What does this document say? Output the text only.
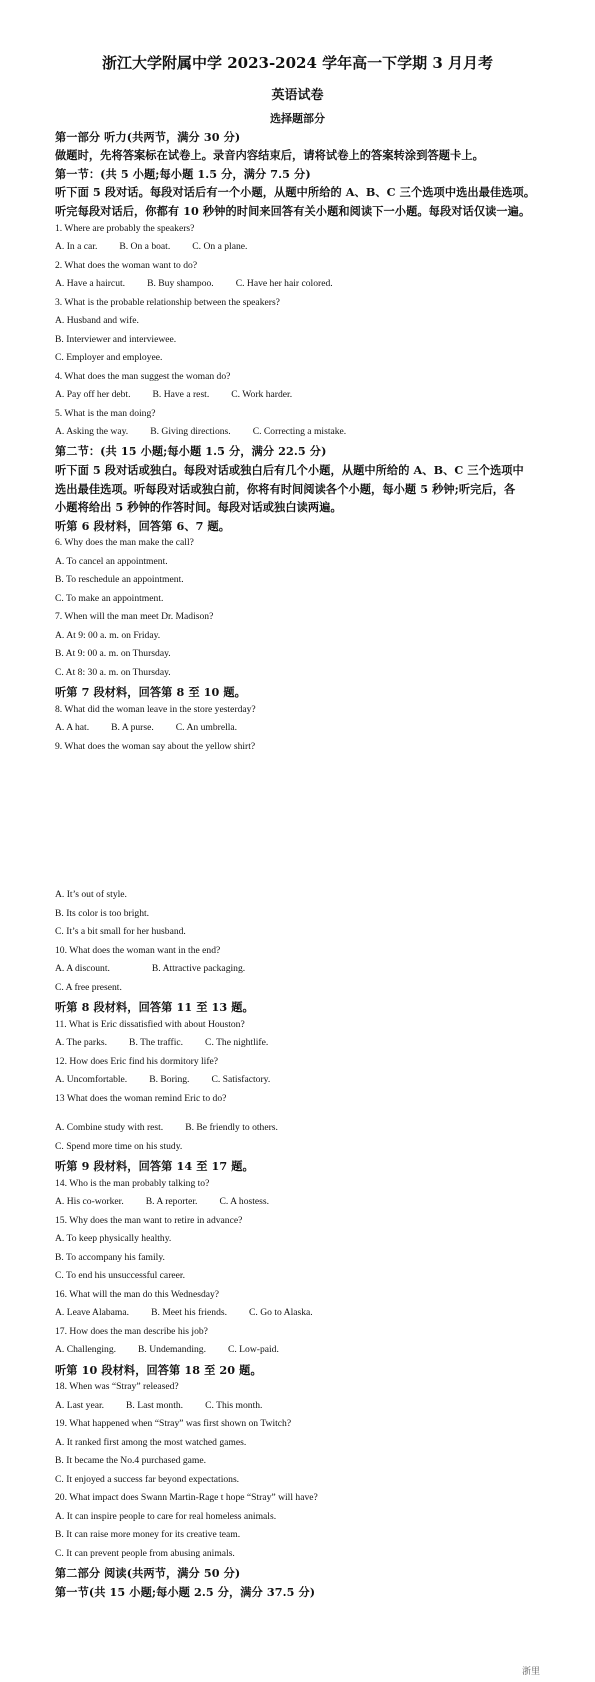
浙江大学附属中学 2023-2024 学年高一下学期 3 月月考
英语试卷
选择题部分
第一部分 听力(共两节，满分 30 分)
做题时，先将答案标在试卷上。录音内容结束后，请将试卷上的答案转涂到答题卡上。
第一节：(共 5 小题;每小题 1.5 分，满分 7.5 分)
听下面 5 段对话。每段对话后有一个小题，从题中所给的 A、B、C 三个选项中选出最佳选项。
听完每段对话后，你都有 10 秒钟的时间来回答有关小题和阅读下一小题。每段对话仅读一遍。
1. Where are probably the speakers?
A. In a car. B. On a boat. C. On a plane.
2. What does the woman want to do?
A. Have a haircut. B. Buy shampoo. C. Have her hair colored.
3. What is the probable relationship between the speakers?
A. Husband and wife.
B. Interviewer and interviewee.
C. Employer and employee.
4. What does the man suggest the woman do?
A. Pay off her debt. B. Have a rest. C. Work harder.
5. What is the man doing?
A. Asking the way. B. Giving directions. C. Correcting a mistake.
第二节：(共 15 小题;每小题 1.5 分，满分 22.5 分)
听下面 5 段对话或独白。每段对话或独白后有几个小题，从题中所给的 A、B、C 三个选项中
选出最佳选项。听每段对话或独白前，你将有时间阅读各个小题，每小题 5 秒钟;听完后，各
小题将给出 5 秒钟的作答时间。每段对话或独白读两遍。
听第 6 段材料，回答第 6、7 题。
6. Why does the man make the call?
A. To cancel an appointment.
B. To reschedule an appointment.
C. To make an appointment.
7. When will the man meet Dr. Madison?
A. At 9: 00 a. m. on Friday.
B. At 9: 00 a. m. on Thursday.
C. At 8: 30 a. m. on Thursday.
听第 7 段材料，回答第 8 至 10 题。
8. What did the woman leave in the store yesterday?
A. A hat. B. A purse. C. An umbrella.
9. What does the woman say about the yellow shirt?
A. It’s out of style.
B. Its color is too bright.
C. It’s a bit small for her husband.
10. What does the woman want in the end?
A. A discount.	B. Attractive packaging.
C. A free present.
听第 8 段材料，回答第 11 至 13 题。
11. What is Eric dissatisfied with about Houston?
A. The parks. B. The traffic. C. The nightlife.
12. How does Eric find his dormitory life?
A. Uncomfortable. B. Boring. C. Satisfactory.
13 What does the woman remind Eric to do?
A. Combine study with rest. B. Be friendly to others.
C. Spend more time on his study.
听第 9 段材料，回答第 14 至 17 题。
14. Who is the man probably talking to?
A. His co-worker. B. A reporter. C. A hostess.
15. Why does the man want to retire in advance?
A. To keep physically healthy.
B. To accompany his family.
C. To end his unsuccessful career.
16. What will the man do this Wednesday?
A. Leave Alabama. B. Meet his friends. C. Go to Alaska.
17. How does the man describe his job?
A. Challenging. B. Undemanding. C. Low-paid.
听第 10 段材料，回答第 18 至 20 题。
18. When was “Stray” released?
A. Last year. B. Last month. C. This month.
19. What happened when “Stray” was first shown on Twitch?
A. It ranked first among the most watched games.
B. It became the No.4 purchased game.
C. It enjoyed a success far beyond expectations.
20. What impact does Swann Martin-Rage t hope “Stray” will have?
A. It can inspire people to care for real homeless animals.
B. It can raise more money for its creative team.
C. It can prevent people from abusing animals.
第二部分 阅读(共两节，满分 50 分)
第一节(共 15 小题;每小题 2.5 分，满分 37.5 分)
浙里
